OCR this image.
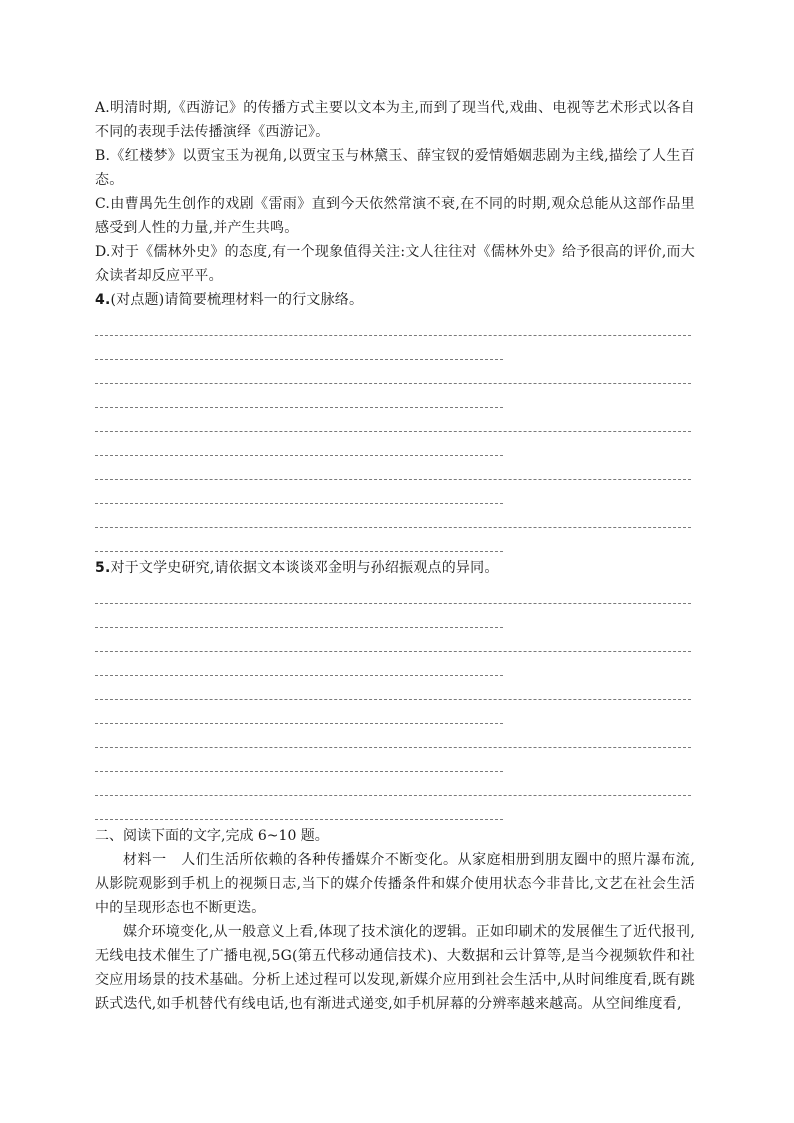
A.明清时期,《西游记》的传播方式主要以文本为主,而到了现当代,戏曲、电视等艺术形式以各自不同的表现手法传播演绎《西游记》。

B.《红楼梦》以贾宝玉为视角,以贾宝玉与林黛玉、薛宝钗的爱情婚姻悲剧为主线,描绘了人生百态。

C.由曹禺先生创作的戏剧《雷雨》直到今天依然常演不衰,在不同的时期,观众总能从这部作品里感受到人性的力量,并产生共鸣。

D.对于《儒林外史》的态度,有一个现象值得关注:文人往往对《儒林外史》给予很高的评价,而大众读者却反应平平。

4.(对点题)请简要梳理材料一的行文脉络。

5.对于文学史研究,请依据文本谈谈邓金明与孙绍振观点的异同。

二、阅读下面的文字,完成 6~10 题。

材料一　人们生活所依赖的各种传播媒介不断变化。从家庭相册到朋友圈中的照片瀑布流,从影院观影到手机上的视频日志,当下的媒介传播条件和媒介使用状态今非昔比,文艺在社会生活中的呈现形态也不断更迭。

媒介环境变化,从一般意义上看,体现了技术演化的逻辑。正如印刷术的发展催生了近代报刊,无线电技术催生了广播电视,5G(第五代移动通信技术)、大数据和云计算等,是当今视频软件和社交应用场景的技术基础。分析上述过程可以发现,新媒介应用到社会生活中,从时间维度看,既有跳跃式迭代,如手机替代有线电话,也有渐进式递变,如手机屏幕的分辨率越来越高。从空间维度看,
